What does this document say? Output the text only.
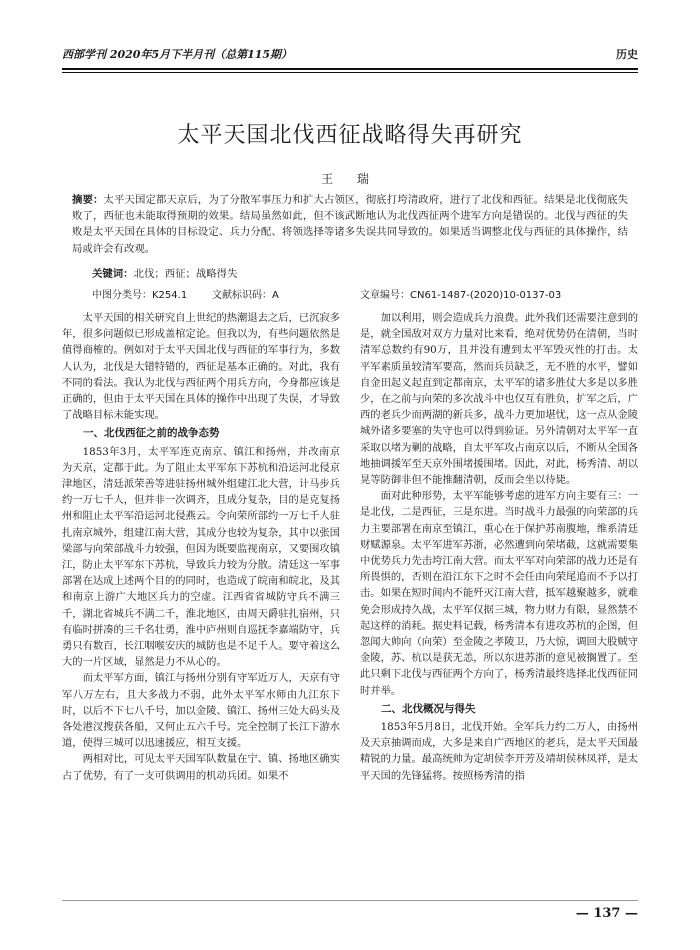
西部学刊 2020年5月下半月刊（总第115期）	历史
太平天国北伐西征战略得失再研究
王 瑞
摘要：太平天国定都天京后，为了分散军事压力和扩大占领区，彻底打垮清政府，进行了北伐和西征。结果是北伐彻底失败了，西征也未能取得预期的效果。结局虽然如此，但不该武断地认为北伐西征两个进军方向是错误的。北伐与西征的失败是太平天国在具体的目标设定、兵力分配、将领选择等诸多失误共同导致的。如果适当调整北伐与西征的具体操作，结局或许会有改观。
关键词：北伐；西征；战略得失
中图分类号：K254.1 文献标识码：A	文章编号：CN61-1487-(2020)10-0137-03

太平天国的相关研究自上世纪的热潮退去之后，已沉寂多年，很多问题似已形成盖棺定论。但我以为，有些问题依然是值得商榷的。例如对于太平天国北伐与西征的军事行为，多数人认为，北伐是大错特错的，西征是基本正确的。对此，我有不同的看法。我认为北伐与西征两个用兵方向，今身都应该是正确的，但由于太平天国在具体的操作中出现了失误，才导致了战略目标未能实现。

一、北伐西征之前的战争态势

1853年3月，太平军连克南京、镇江和扬州，并改南京为天京，定都于此。为了阻止太平军东下苏杭和沿运河北侵京津地区，清廷派荣善等进驻扬州城外组建江北大营，计马步兵约一万七千人，但并非一次调齐，且成分复杂，目的是克复扬州和阻止太平军沿运河北侵燕云。令向荣所部约一万七千人驻扎南京城外，组建江南大营，其成分也较为复杂，其中以张国梁部与向荣部战斗力较强，但因为既要监视南京，又要围攻镇江，防止太平军东下苏杭，导致兵力较为分散。清廷这一军事部署在达成上述两个目的的同时，也造成了皖南和皖北，及其和南京上游广大地区兵力的空虚。江西省省城防守兵不满三千，湖北省城兵不满二千，淮北地区，由周天爵驻扎宿州，只有临时拼凑的三千名壮勇，淮中庐州则自巡抚李嘉端防守，兵勇只有数百，长江咽喉安庆的城防也是不足千人。要守着这么大的一片区域，显然是力不从心的。

而太平军方面，镇江与扬州分别有守军近万人，天京有守军八万左右，且大多战力不弱，此外太平军水师由九江东下时，以后不下七八千号，加以金陵、镇江、扬州三处大码头及各处港汊搜获各船，又何止五六千号。完全控制了长江下游水道，使得三城可以迅速援应，相互支援。

两相对比，可见太平天国军队数量在宁、镇、扬地区确实占了优势，有了一支可供调用的机动兵团。如果不

加以利用，则会造成兵力浪费。此外我们还需要注意到的是，就全国敌对双方力量对比来看，绝对优势仍在清朝，当时清军总数约有90万，且并没有遭到太平军毁灭性的打击。太平军素质虽较清军要高，然而兵员缺乏，无不胜的水平，譬如自金田起义起直到定都南京，太平军的诸多胜仗大多是以多胜少，在之前与向荣的多次战斗中也仅互有胜负，扩军之后，广西的老兵少而两湖的新兵多，战斗力更加堪忧，这一点从金陵城外诸多要塞的失守也可以得到验证。另外清朝对太平军一直采取以堵为剿的战略，自太平军攻占南京以后，不断从全国各地抽调援军至天京外围堵援围堵。因此，对此，杨秀清、胡以晃等防御非但不能推翻清朝，反而会坐以待毙。

面对此种形势，太平军能够考虑的进军方向主要有三：一是北伐，二是西征，三是东进。当时战斗力最强的向荣部的兵力主要部署在南京至镇江，重心在于保护苏南腹地，维系清廷财赋源泉。太平军进军苏浙，必然遭到向荣堵截，这就需要集中优势兵力先击垮江南大营。而太平军对向荣部的战力还是有所畏惧的，否则在沿江东下之时不会任由向荣尾追而不予以打击。如果在短时间内不能歼灭江南大营，抵军越聚越多，就难免会形成持久战，太平军仅据三城，物力财力有限，显然禁不起这样的消耗。据史料记载，杨秀清本有进攻苏杭的企图，但忽闻大帅向（向荣）至金陵之孝陵卫，乃大惊，调回大股贼守金陵，苏、杭以是获无恙，所以东进苏浙的意见被搁置了。至此只剩下北伐与西征两个方向了，杨秀清最终选择北伐西征同时并举。

二、北伐概况与得失

1853年5月8日，北伐开始。全军兵力约二万人，由扬州及天京抽调而成，大多是来自广西地区的老兵，是太平天国最精锐的力量。最高统帅为定胡侯李开芳及靖胡侯林凤祥，是太平天国的先锋猛将。按照杨秀清的指

— 137 —
